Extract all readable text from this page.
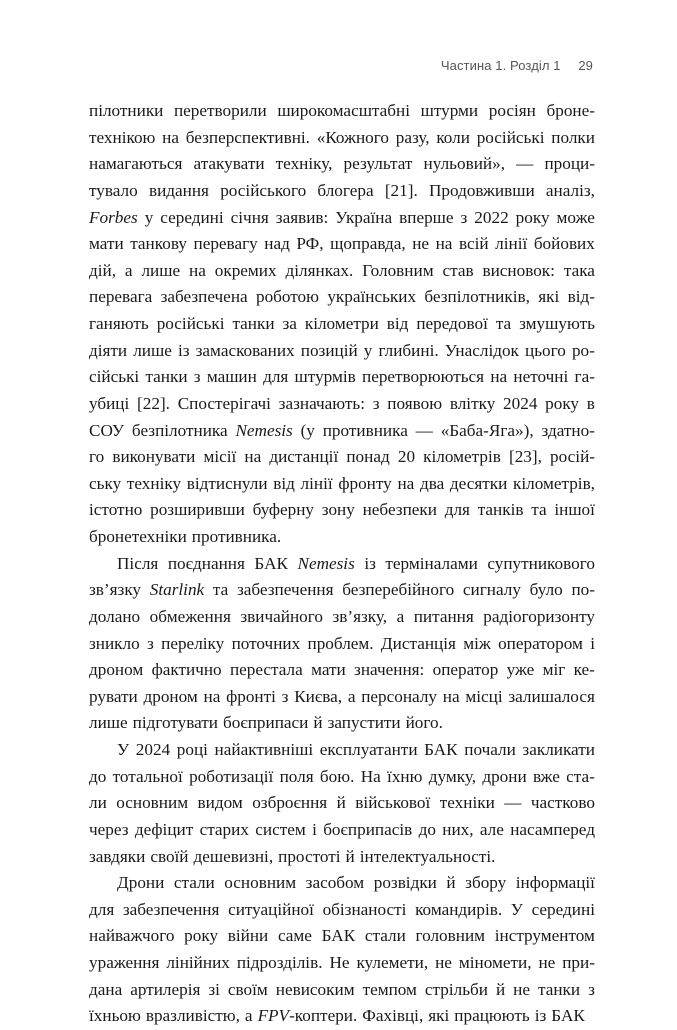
Частина 1. Розділ 1 29
пілотники перетворили широкомасштабні штурми росіян броне-
технікою на безперспективні. «Кожного разу, коли російські полки
намагаються атакувати техніку, результат нульовий», — проци-
тувало видання російського блогера [21]. Продовживши аналіз,
Forbes у середині січня заявив: Україна вперше з 2022 року може
мати танкову перевагу над РФ, щоправда, не на всій лінії бойових
дій, а лише на окремих ділянках. Головним став висновок: така
перевага забезпечена роботою українських безпілотників, які від-
ганяють російські танки за кілометри від передової та змушують
діяти лише із замаскованих позицій у глибині. Унаслідок цього ро-
сійські танки з машин для штурмів перетворюються на неточні га-
убиці [22]. Спостерігачі зазначають: з появою влітку 2024 року в
СОУ безпілотника Nemesis (у противника — «Баба-Яга»), здатно-
го виконувати місії на дистанції понад 20 кілометрів [23], росій-
ську техніку відтиснули від лінії фронту на два десятки кілометрів,
істотно розширивши буферну зону небезпеки для танків та іншої
бронетехніки противника.
Після поєднання БАК Nemesis із терміналами супутникового
зв’язку Starlink та забезпечення безперебійного сигналу було по-
долано обмеження звичайного зв’язку, а питання радіогоризонту
зникло з переліку поточних проблем. Дистанція між оператором і
дроном фактично перестала мати значення: оператор уже міг ке-
рувати дроном на фронті з Києва, а персоналу на місці залишалося
лише підготувати боєприпаси й запустити його.
У 2024 році найактивніші експлуатанти БАК почали закликати
до тотальної роботизації поля бою. На їхню думку, дрони вже ста-
ли основним видом озброєння й військової техніки — частково
через дефіцит старих систем і боєприпасів до них, але насамперед
завдяки своїй дешевизні, простоті й інтелектуальності.
Дрони стали основним засобом розвідки й збору інформації
для забезпечення ситуаційної обізнаності командирів. У середині
найважчого року війни саме БАК стали головним інструментом
ураження лінійних підрозділів. Не кулемети, не міномети, не при-
дана артилерія зі своїм невисоким темпом стрільби й не танки з
їхньою вразливістю, а FPV-коптери. Фахівці, які працюють із БАК
